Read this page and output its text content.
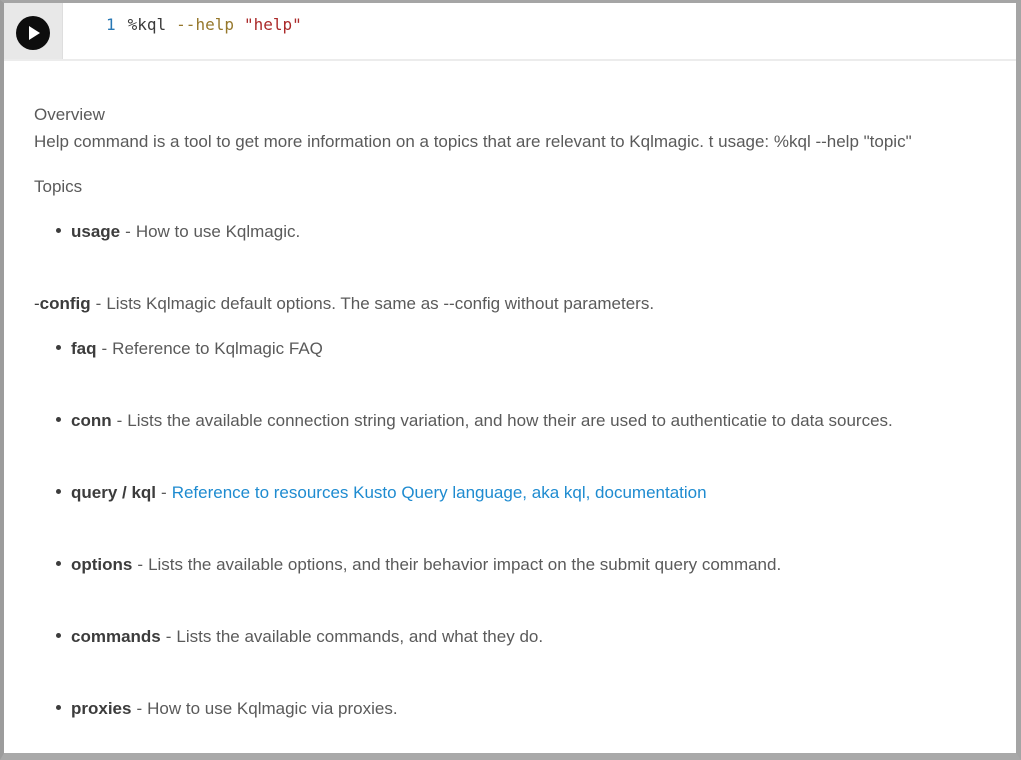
1 %kql --help "help"

Overview

Help command is a tool to get more information on a topics that are relevant to Kqlmagic. t usage: %kql --help "topic"

Topics

usage - How to use Kqlmagic.
-config - Lists Kqlmagic default options. The same as --config without parameters.
faq - Reference to Kqlmagic FAQ
conn - Lists the available connection string variation, and how their are used to authenticatie to data sources.
query / kql - Reference to resources Kusto Query language, aka kql, documentation
options - Lists the available options, and their behavior impact on the submit query command.
commands - Lists the available commands, and what they do.
proxies - How to use Kqlmagic via proxies.
